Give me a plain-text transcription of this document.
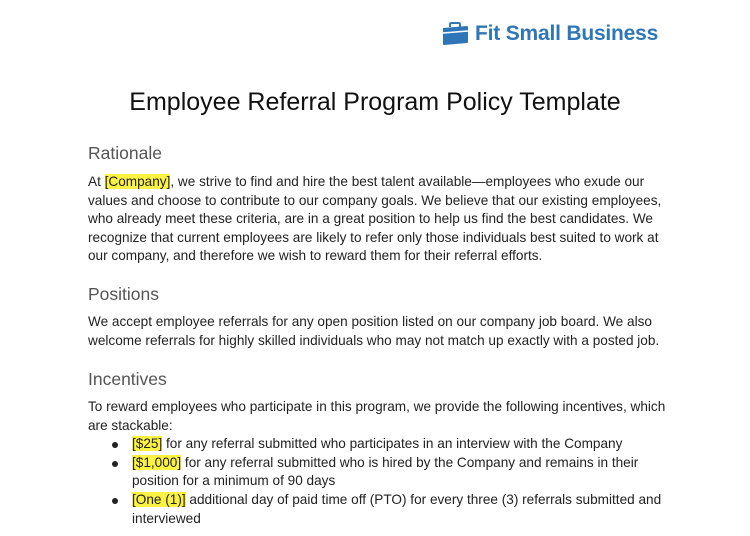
Fit Small Business
Employee Referral Program Policy Template
Rationale

At [Company], we strive to find and hire the best talent available—employees who exude our values and choose to contribute to our company goals. We believe that our existing employees, who already meet these criteria, are in a great position to help us find the best candidates. We recognize that current employees are likely to refer only those individuals best suited to work at our company, and therefore we wish to reward them for their referral efforts.

Positions

We accept employee referrals for any open position listed on our company job board. We also welcome referrals for highly skilled individuals who may not match up exactly with a posted job.

Incentives

To reward employees who participate in this program, we provide the following incentives, which are stackable:

[$25] for any referral submitted who participates in an interview with the Company
[$1,000] for any referral submitted who is hired by the Company and remains in their position for a minimum of 90 days
[One (1)] additional day of paid time off (PTO) for every three (3) referrals submitted and interviewed
